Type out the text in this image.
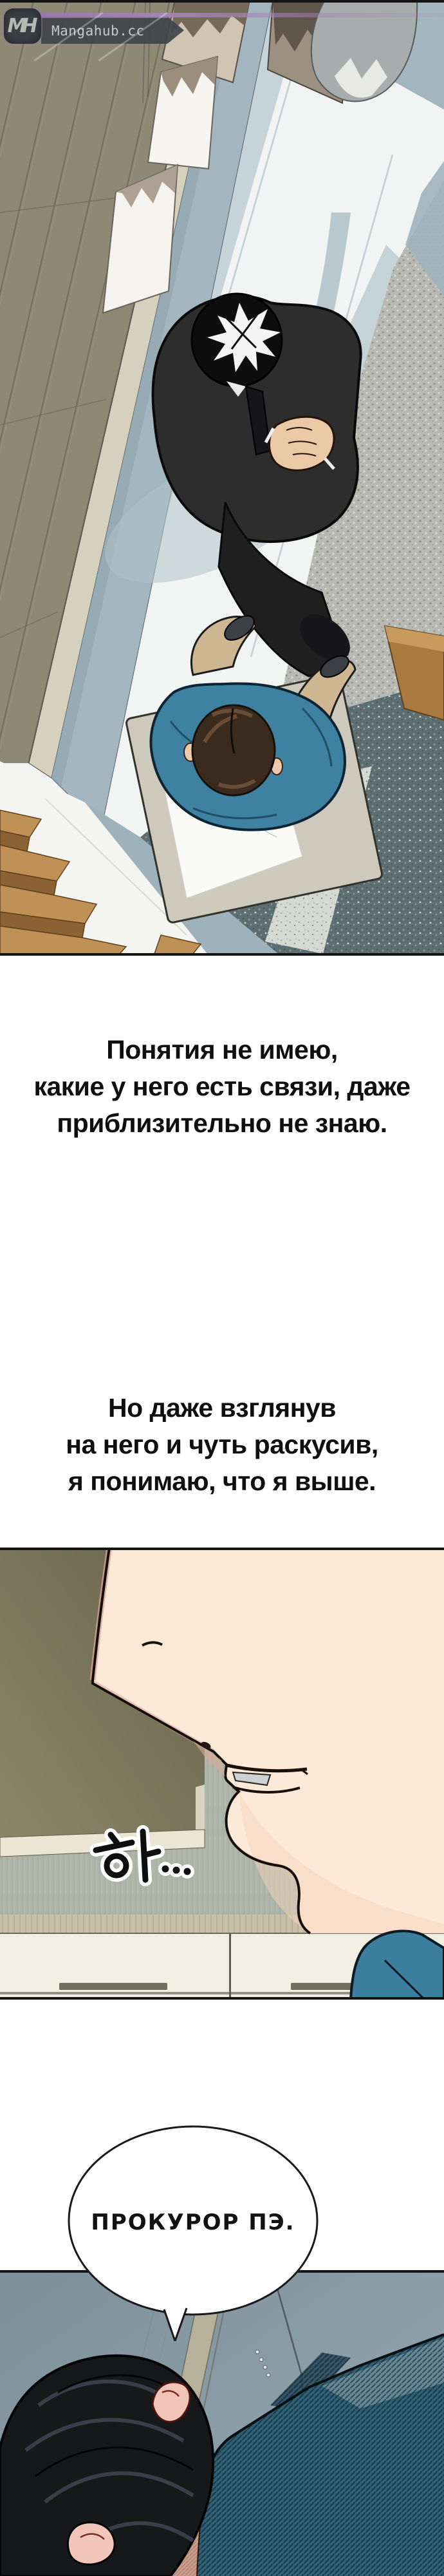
Mangahub.cc
MH
Понятия не имею,
какие у него есть связи, даже
приблизительно не знаю.
Но даже взглянув
на него и чуть раскусив,
я понимаю, что я выше.
ПРОКУРОР ПЭ.
